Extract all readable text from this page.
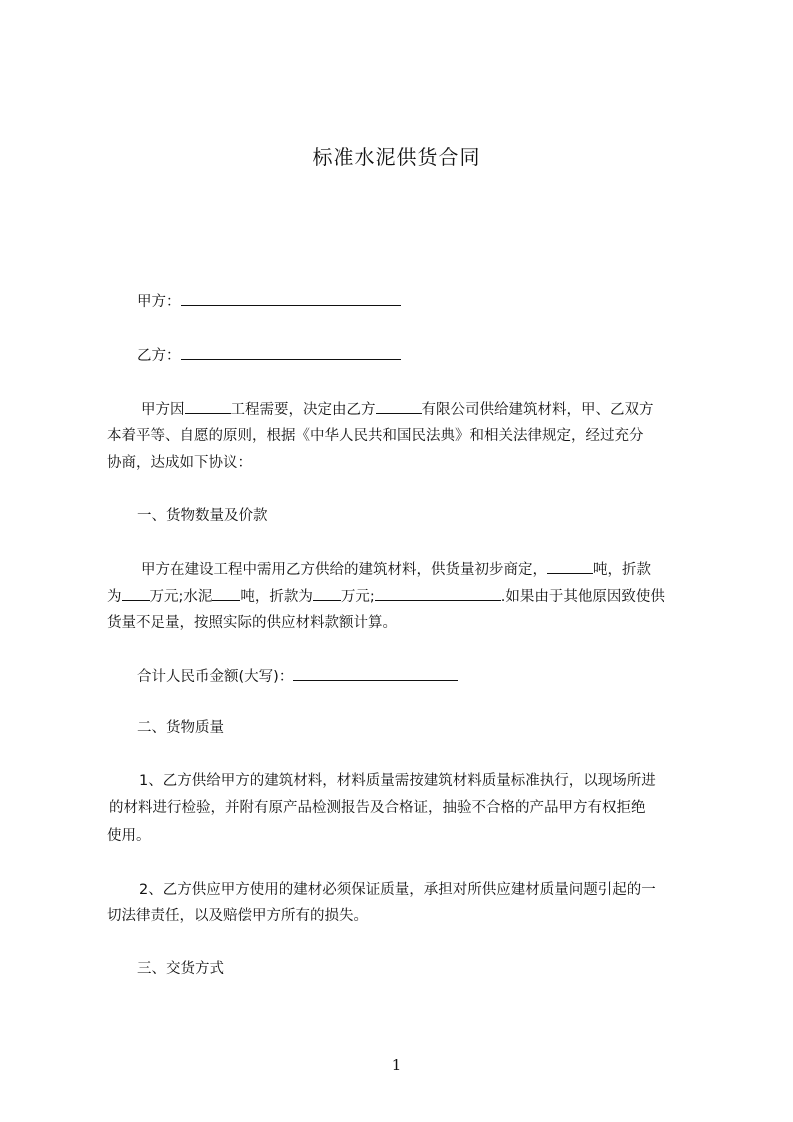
标准水泥供货合同
甲方：
乙方：
甲方因	工程需要，决定由乙方	有限公司供给建筑材料，甲、乙双方
本着平等、自愿的原则，根据《中华人民共和国民法典》和相关法律规定，经过充分
协商，达成如下协议：
一、货物数量及价款
甲方在建设工程中需用乙方供给的建筑材料，供货量初步商定，	吨，折款
为 万元;水泥 吨，折款为 万元;	.如果由于其他原因致使供
货量不足量，按照实际的供应材料款额计算。
合计人民币金额(大写)：
二、货物质量
1、乙方供给甲方的建筑材料，材料质量需按建筑材料质量标准执行，以现场所进
的材料进行检验，并附有原产品检测报告及合格证，抽验不合格的产品甲方有权拒绝
使用。
2、乙方供应甲方使用的建材必须保证质量，承担对所供应建材质量问题引起的一
切法律责任，以及赔偿甲方所有的损失。
三、交货方式
1
